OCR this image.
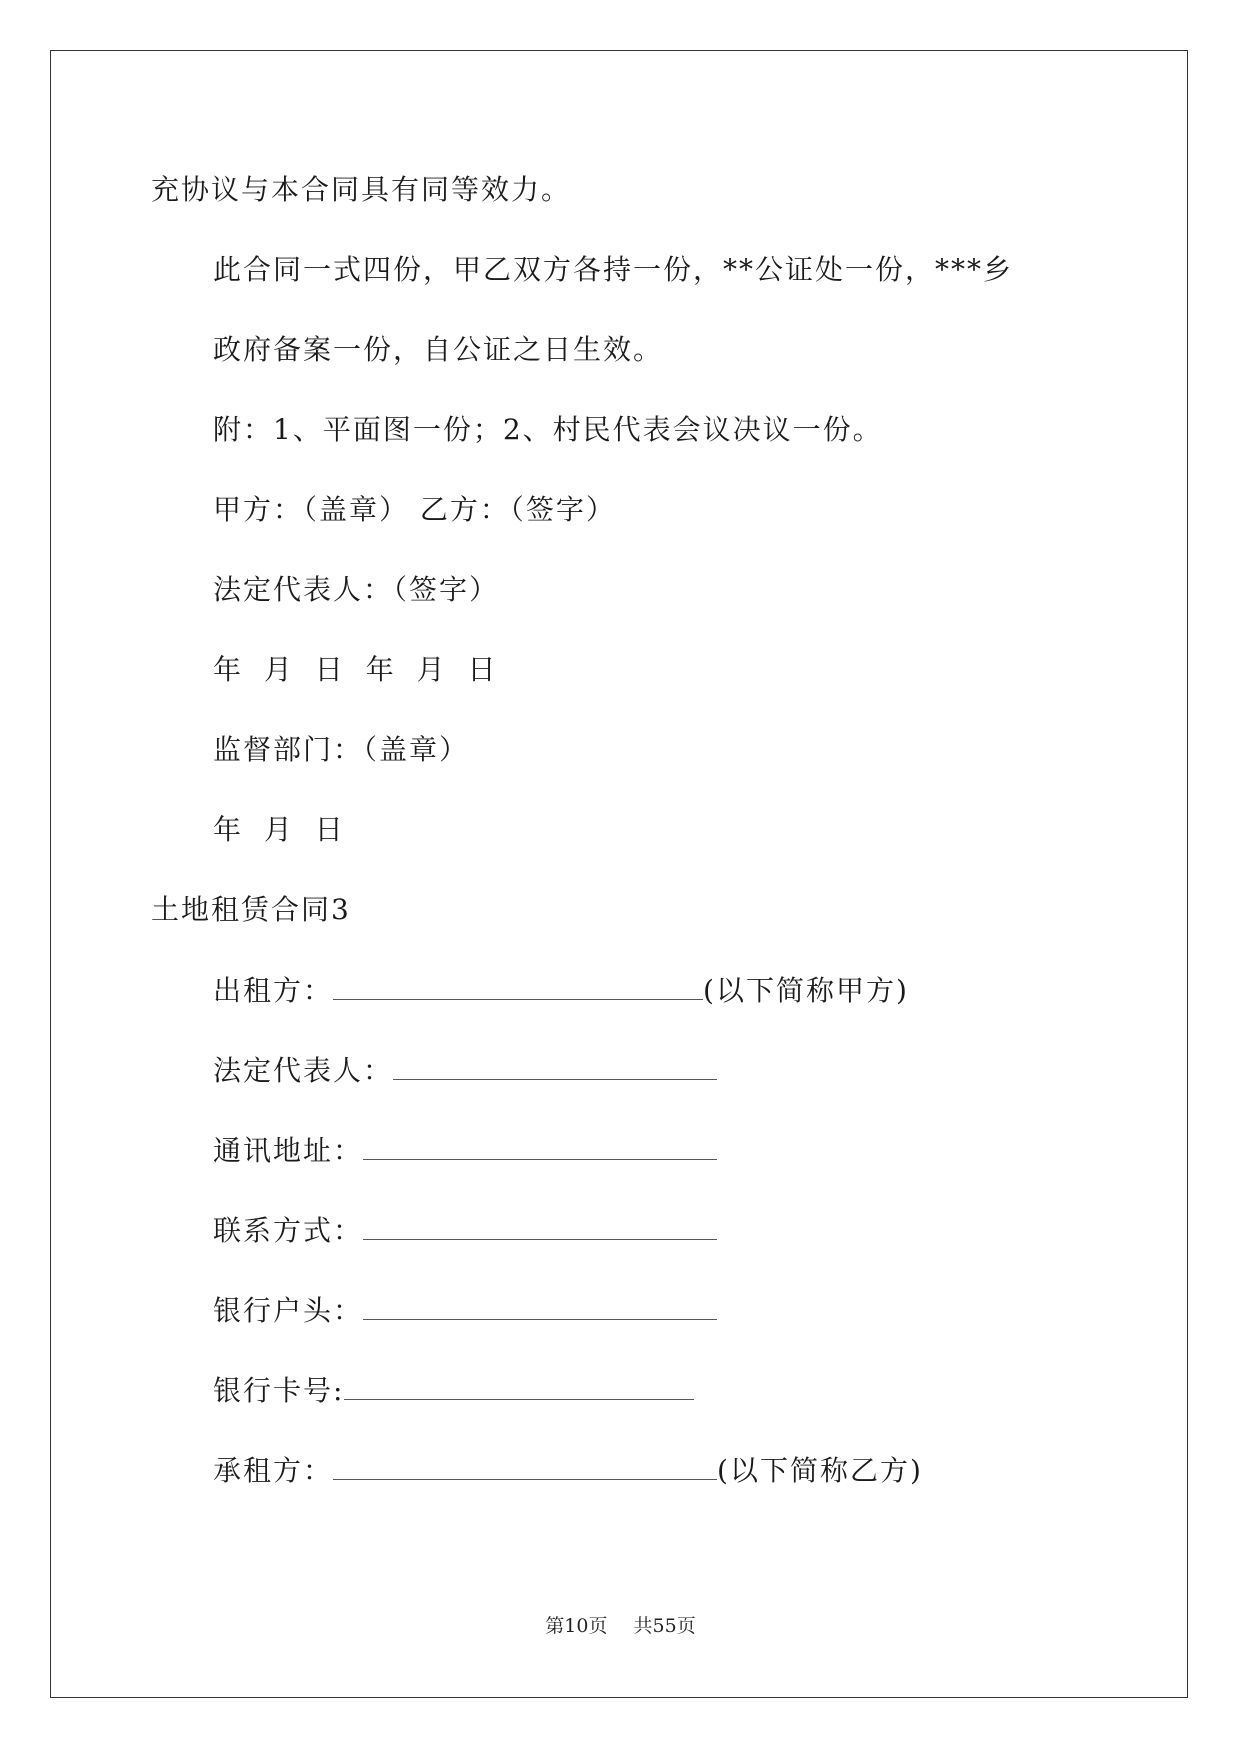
充协议与本合同具有同等效力。
此合同一式四份，甲乙双方各持一份，**公证处一份，***乡
政府备案一份，自公证之日生效。
附：1、平面图一份；2、村民代表会议决议一份。
甲方：（盖章） 乙方：（签字）
法定代表人：（签字）
年 月 日 年 月 日
监督部门：（盖章）
年 月 日
土地租赁合同3
出租方：	(以下简称甲方)
法定代表人：
通讯地址：
联系方式：
银行户头：
银行卡号:
承租方：	(以下简称乙方)
第10页 共55页
